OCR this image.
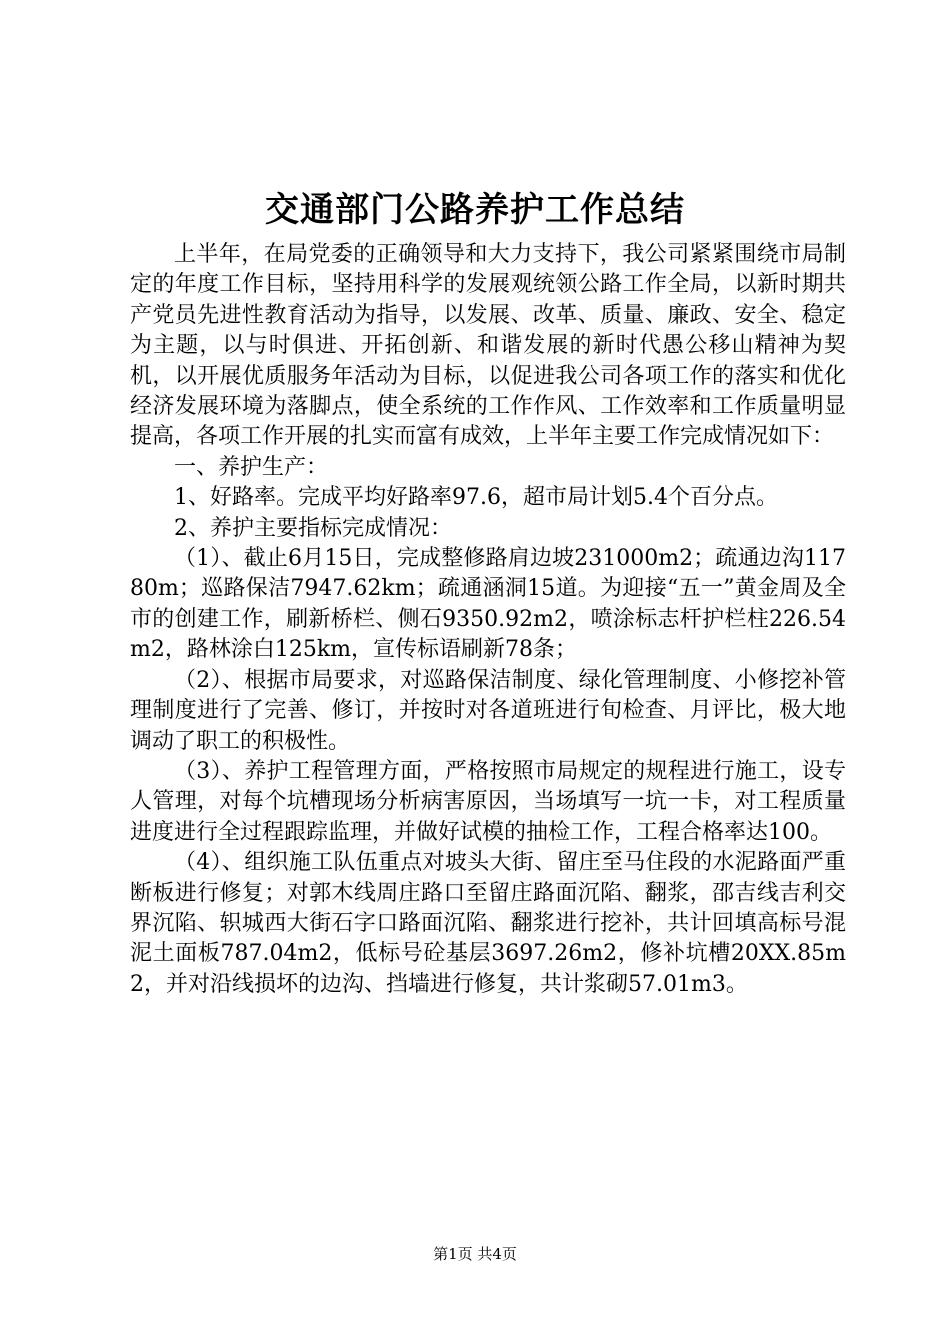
交通部门公路养护工作总结

上半年，在局党委的正确领导和大力支持下，我公司紧紧围绕市局制定的年度工作目标，坚持用科学的发展观统领公路工作全局，以新时期共产党员先进性教育活动为指导，以发展、改革、质量、廉政、安全、稳定为主题，以与时俱进、开拓创新、和谐发展的新时代愚公移山精神为契机，以开展优质服务年活动为目标，以促进我公司各项工作的落实和优化经济发展环境为落脚点，使全系统的工作作风、工作效率和工作质量明显提高，各项工作开展的扎实而富有成效，上半年主要工作完成情况如下：

一、养护生产：

1、好路率。完成平均好路率97.6，超市局计划5.4个百分点。

2、养护主要指标完成情况：

（1）、截止6月15日，完成整修路肩边坡231000m2；疏通边沟11780m；巡路保洁7947.62km；疏通涵洞15道。为迎接“五一”黄金周及全市的创建工作，刷新桥栏、侧石9350.92m2，喷涂标志杆护栏柱226.54m2，路林涂白125km，宣传标语刷新78条；

（2）、根据市局要求，对巡路保洁制度、绿化管理制度、小修挖补管理制度进行了完善、修订，并按时对各道班进行旬检查、月评比，极大地调动了职工的积极性。

（3）、养护工程管理方面，严格按照市局规定的规程进行施工，设专人管理，对每个坑槽现场分析病害原因，当场填写一坑一卡，对工程质量进度进行全过程跟踪监理，并做好试模的抽检工作，工程合格率达100。

（4）、组织施工队伍重点对坡头大街、留庄至马住段的水泥路面严重断板进行修复；对郭木线周庄路口至留庄路面沉陷、翻浆，邵吉线吉利交界沉陷、轵城西大街石字口路面沉陷、翻浆进行挖补，共计回填高标号混泥土面板787.04m2，低标号砼基层3697.26m2，修补坑槽20XX.85m2，并对沿线损坏的边沟、挡墙进行修复，共计浆砌57.01m3。

第1页 共4页
